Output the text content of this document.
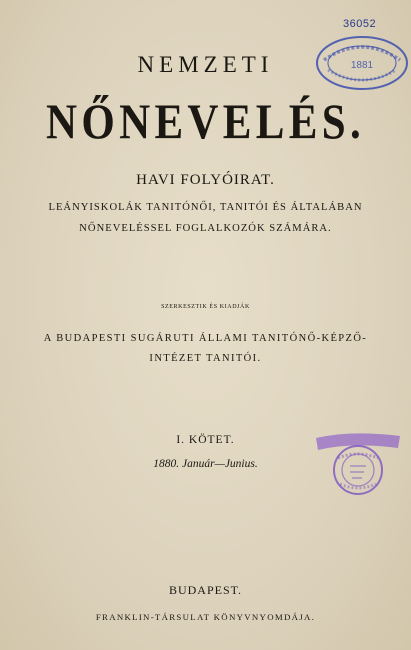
NEMZETI
NŐNEVELÉS.
HAVI FOLYÓIRAT.
LEÁNYISKOLÁK TANITÓNŐI, TANITÓI ÉS ÁLTALÁBAN
NŐNEVELÉSSEL FOGLALKOZÓK SZÁMÁRA.
SZERKESZTIK ÉS KIADJÁK
A BUDAPESTI SUGÁRUTI ÁLLAMI TANITÓNŐ-KÉPZŐ-
INTÉZET TANITÓI.
I. KÖTET.
1880. Január—Junius.
BUDAPEST.
FRANKLIN-TÁRSULAT KÖNYVNYOMDÁJA.
36052
1881
